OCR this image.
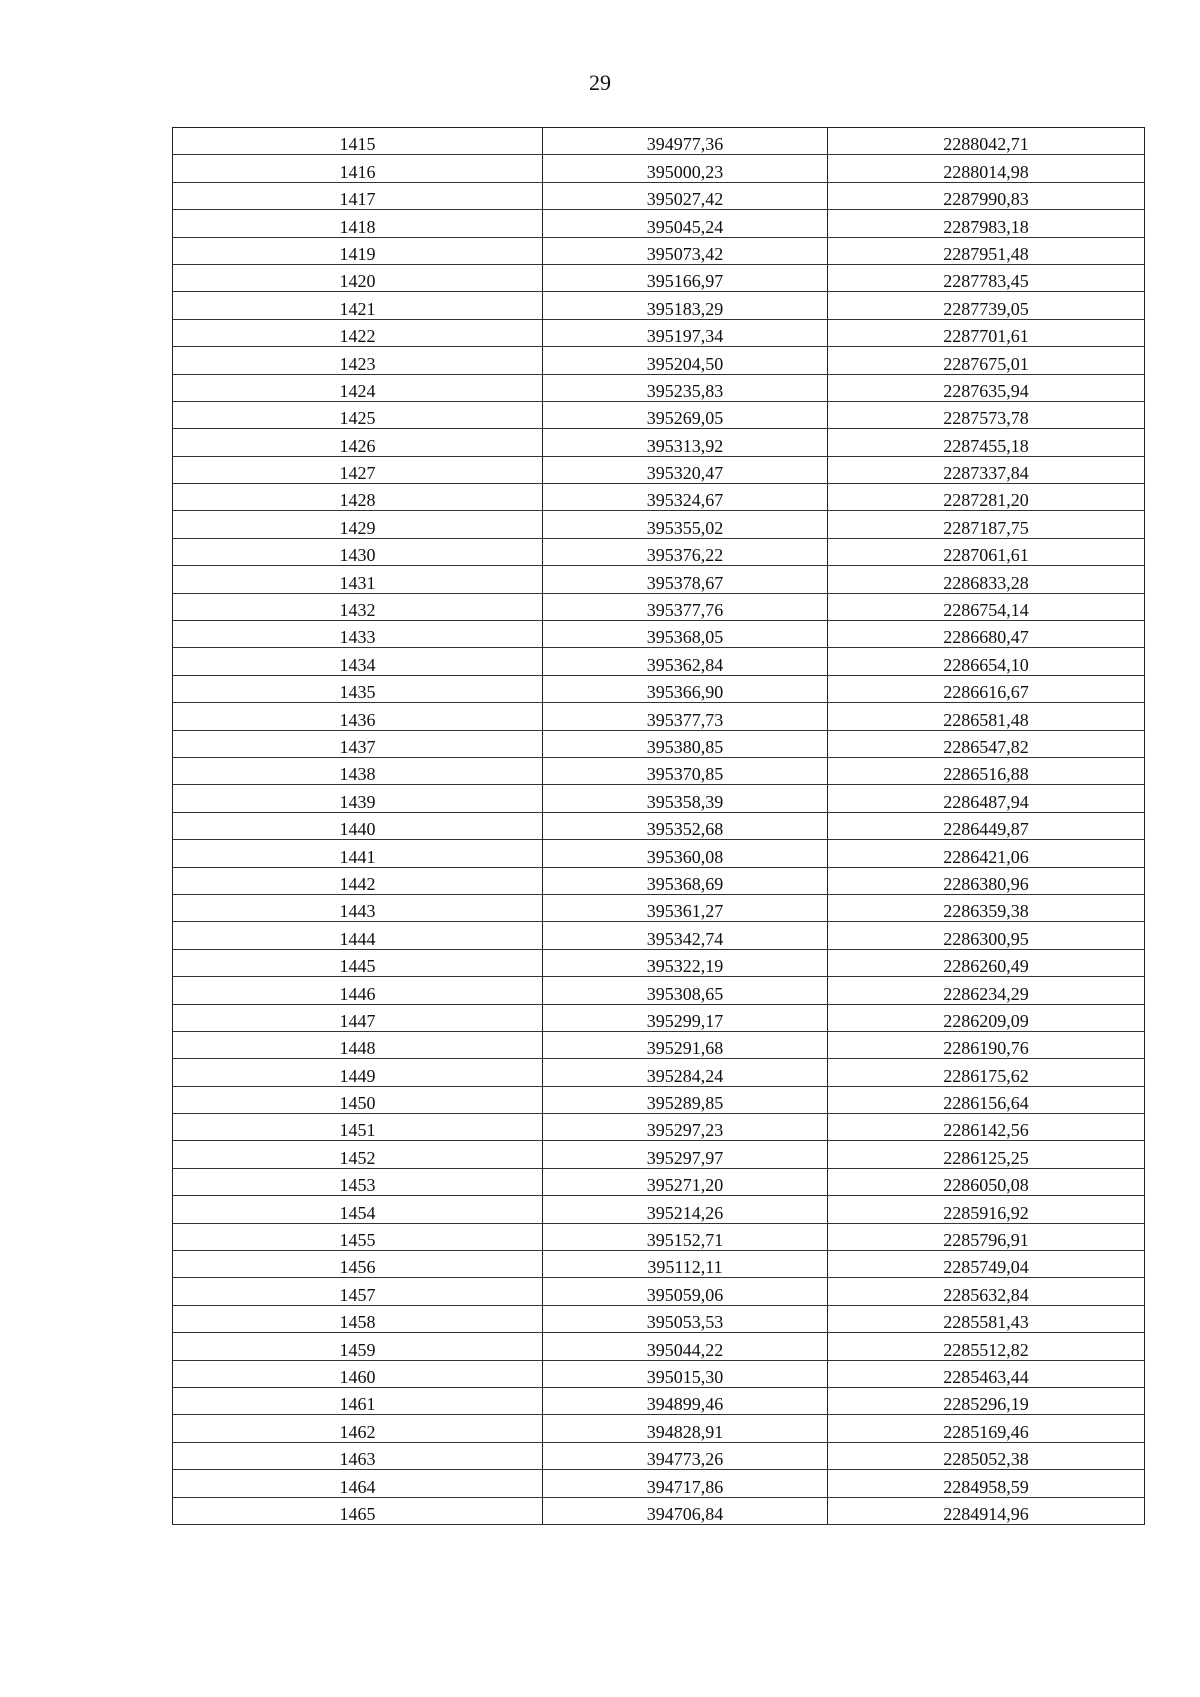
29
1415	394977,36	2288042,71
1416	395000,23	2288014,98
1417	395027,42	2287990,83
1418	395045,24	2287983,18
1419	395073,42	2287951,48
1420	395166,97	2287783,45
1421	395183,29	2287739,05
1422	395197,34	2287701,61
1423	395204,50	2287675,01
1424	395235,83	2287635,94
1425	395269,05	2287573,78
1426	395313,92	2287455,18
1427	395320,47	2287337,84
1428	395324,67	2287281,20
1429	395355,02	2287187,75
1430	395376,22	2287061,61
1431	395378,67	2286833,28
1432	395377,76	2286754,14
1433	395368,05	2286680,47
1434	395362,84	2286654,10
1435	395366,90	2286616,67
1436	395377,73	2286581,48
1437	395380,85	2286547,82
1438	395370,85	2286516,88
1439	395358,39	2286487,94
1440	395352,68	2286449,87
1441	395360,08	2286421,06
1442	395368,69	2286380,96
1443	395361,27	2286359,38
1444	395342,74	2286300,95
1445	395322,19	2286260,49
1446	395308,65	2286234,29
1447	395299,17	2286209,09
1448	395291,68	2286190,76
1449	395284,24	2286175,62
1450	395289,85	2286156,64
1451	395297,23	2286142,56
1452	395297,97	2286125,25
1453	395271,20	2286050,08
1454	395214,26	2285916,92
1455	395152,71	2285796,91
1456	395112,11	2285749,04
1457	395059,06	2285632,84
1458	395053,53	2285581,43
1459	395044,22	2285512,82
1460	395015,30	2285463,44
1461	394899,46	2285296,19
1462	394828,91	2285169,46
1463	394773,26	2285052,38
1464	394717,86	2284958,59
1465	394706,84	2284914,96
